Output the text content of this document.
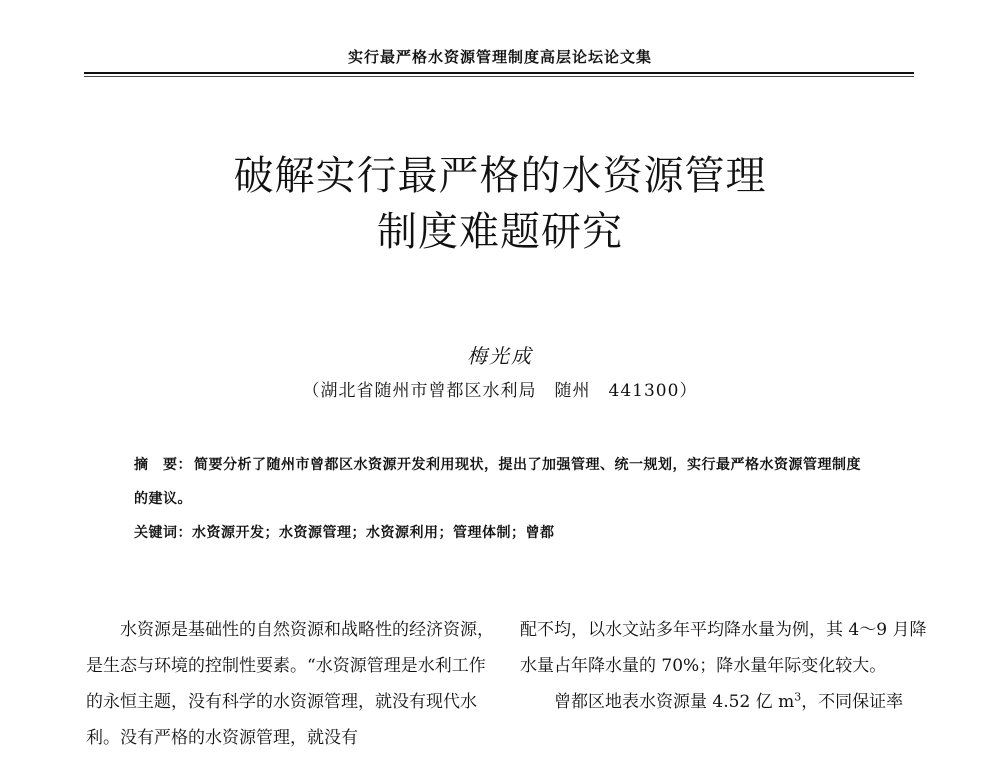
实行最严格水资源管理制度高层论坛论文集
破解实行最严格的水资源管理
制度难题研究
梅光成
（湖北省随州市曾都区水利局　随州　441300）
摘　要： 简要分析了随州市曾都区水资源开发利用现状，提出了加强管理、统一规划，实行最严格水资源管理制度的建议。
关键词：水资源开发；水资源管理；水资源利用；管理体制；曾都

水资源是基础性的自然资源和战略性的经济资源，是生态与环境的控制性要素。“水资源管理是水利工作的永恒主题，没有科学的水资源管理，就没有现代水利。没有严格的水资源管理，就没有

配不均，以水文站多年平均降水量为例，其 4～9 月降水量占年降水量的 70%；降水量年际变化较大。

曾都区地表水资源量 4.52 亿 $m^3$，不同保证率
